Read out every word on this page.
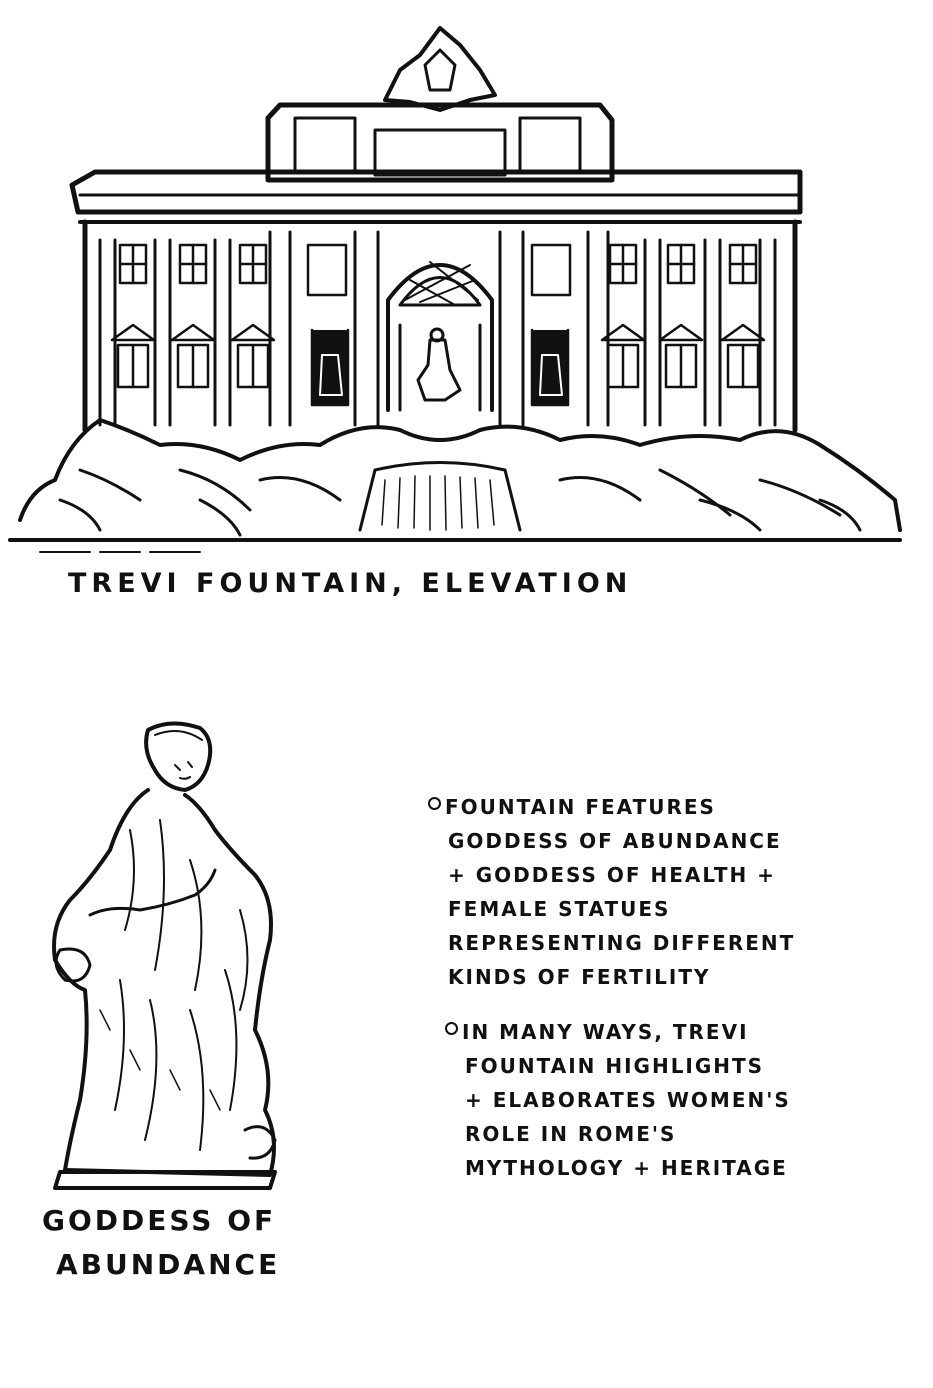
TREVI FOUNTAIN, ELEVATION
GODDESS OF
ABUNDANCE
FOUNTAIN FEATURES
GODDESS OF ABUNDANCE
+ GODDESS OF HEALTH +
FEMALE STATUES
REPRESENTING DIFFERENT
KINDS OF FERTILITY
IN MANY WAYS, TREVI
FOUNTAIN HIGHLIGHTS
+ ELABORATES WOMEN'S
ROLE IN ROME'S
MYTHOLOGY + HERITAGE
